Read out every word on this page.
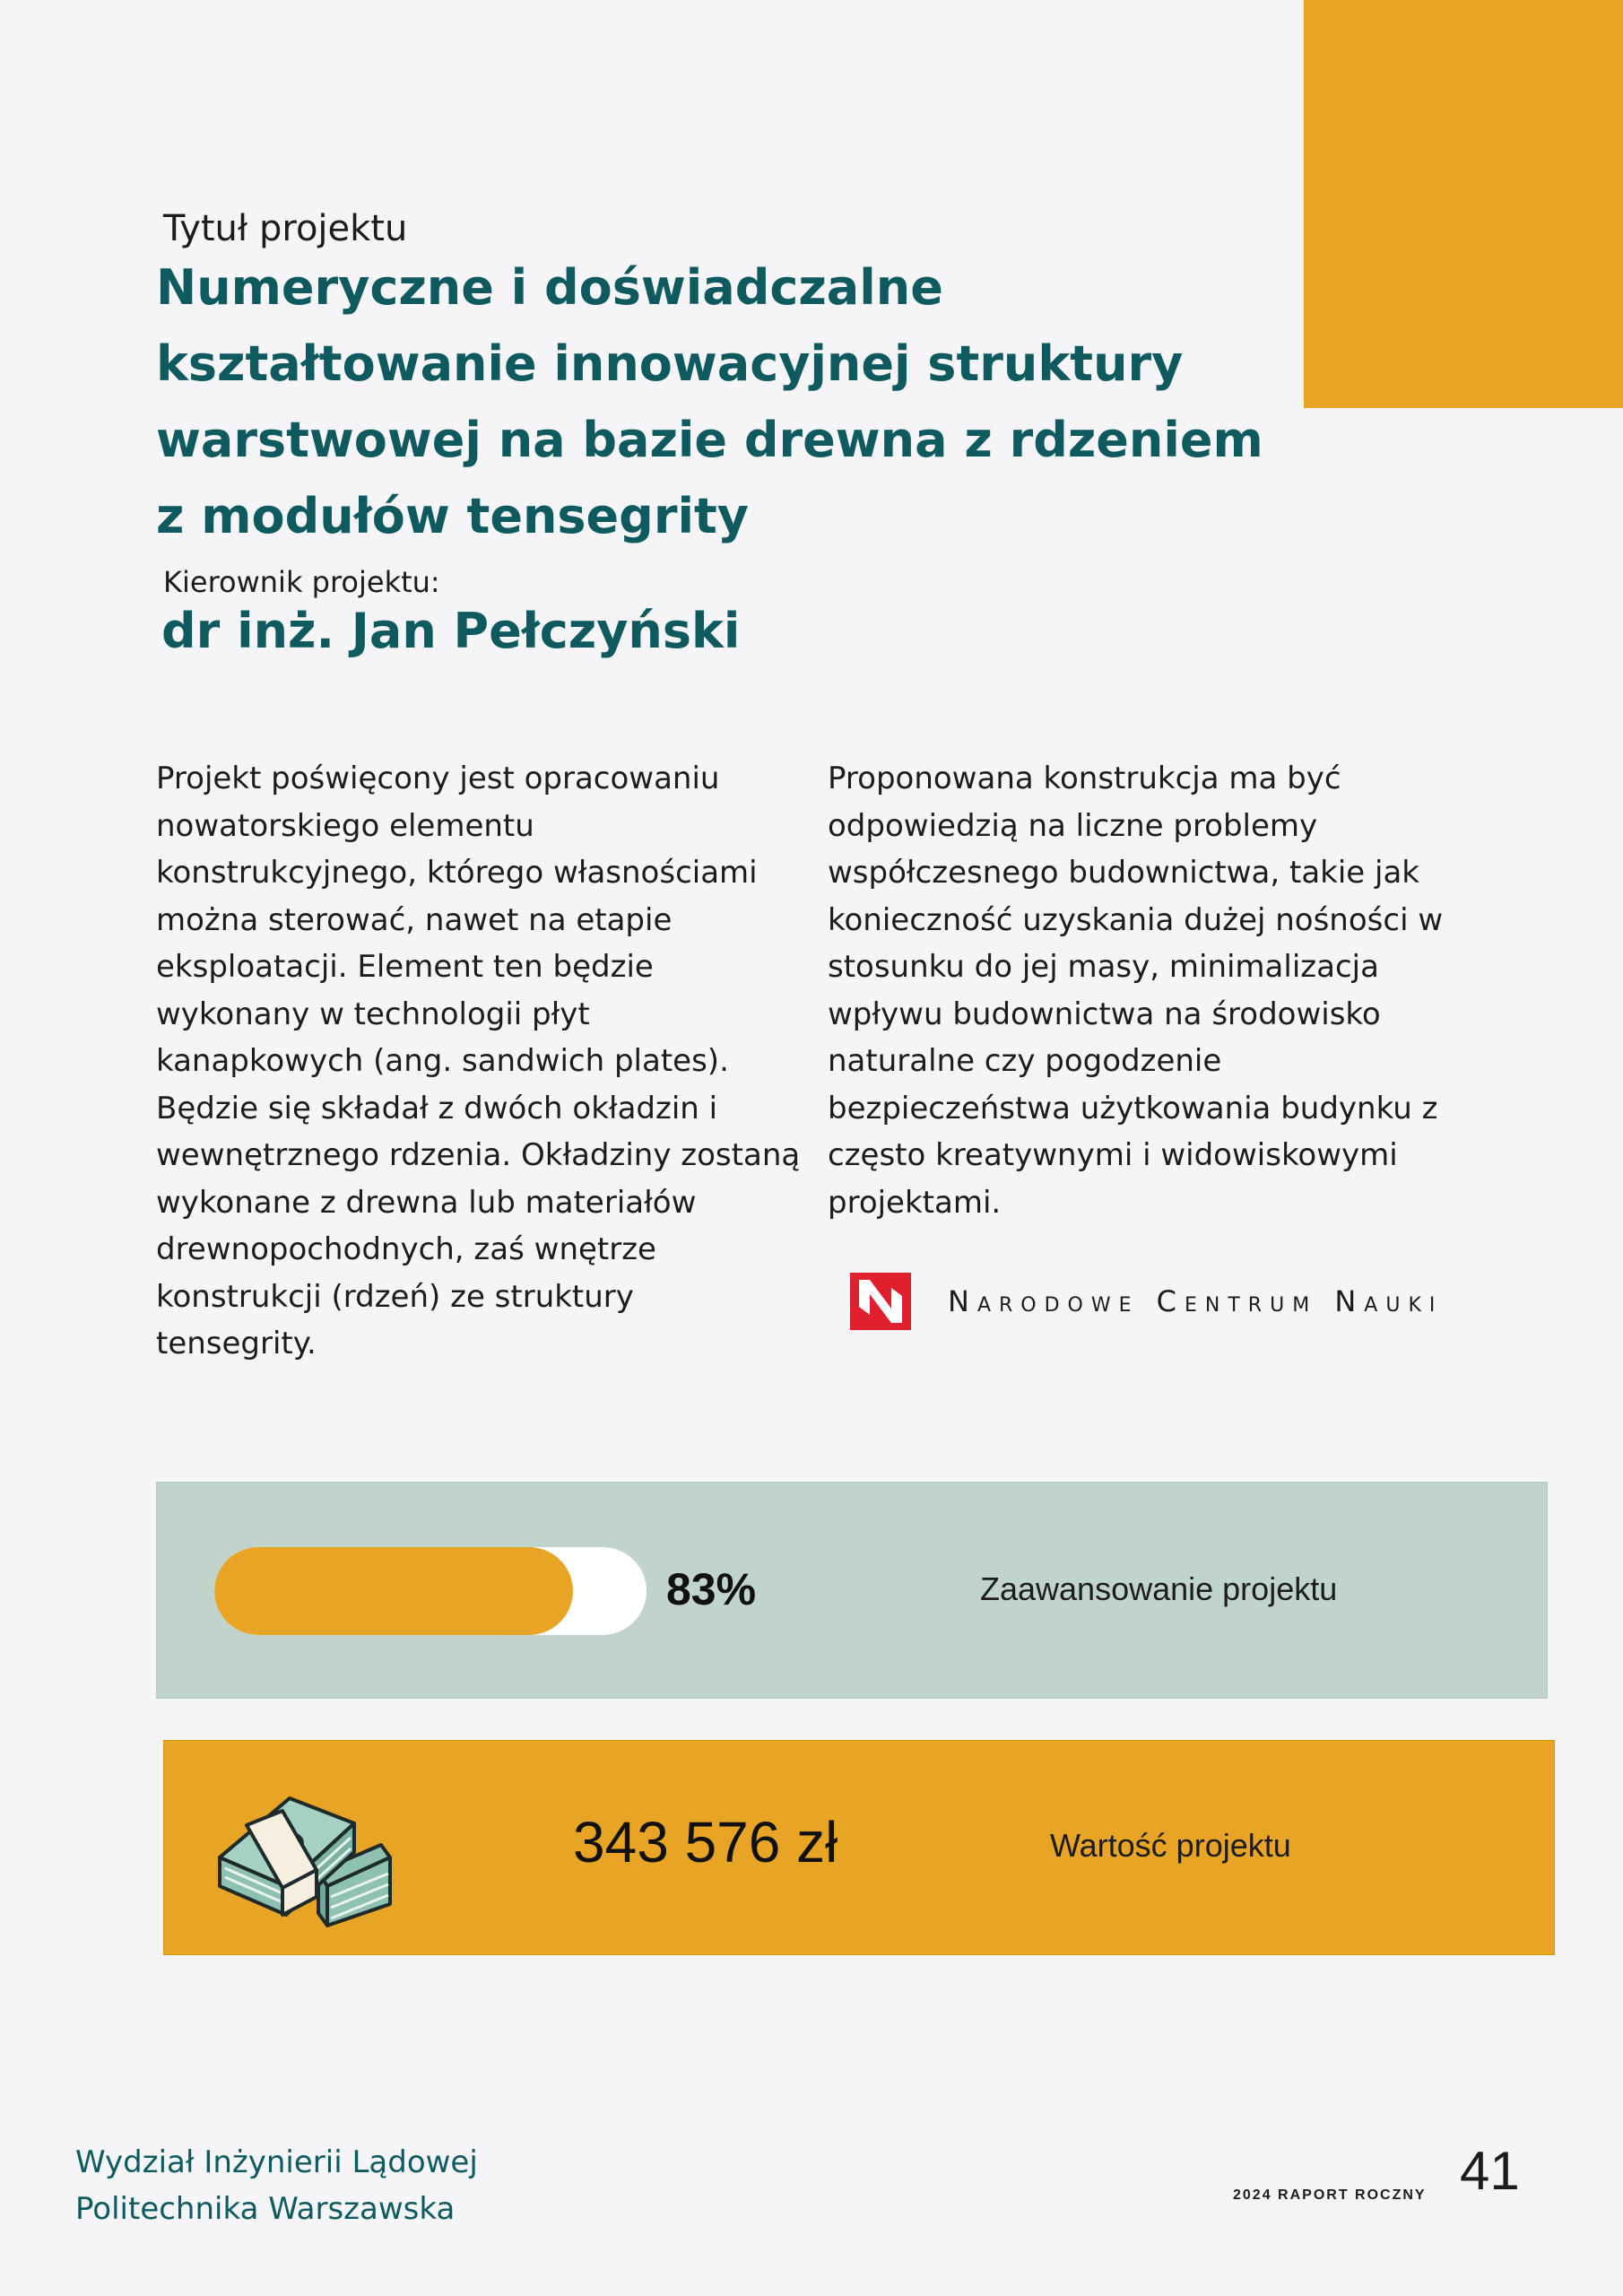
Tytuł projektu
Numeryczne i doświadczalne kształtowanie innowacyjnej struktury warstwowej na bazie drewna z rdzeniem z modułów tensegrity
Kierownik projektu:
dr inż. Jan Pełczyński

Projekt poświęcony jest opracowaniu nowatorskiego elementu konstrukcyjnego, którego własnościami można sterować, nawet na etapie eksploatacji. Element ten będzie wykonany w technologii płyt kanapkowych (ang. sandwich plates). Będzie się składał z dwóch okładzin i wewnętrznego rdzenia. Okładziny zostaną wykonane z drewna lub materiałów drewnopochodnych, zaś wnętrze konstrukcji (rdzeń) ze struktury tensegrity.

Proponowana konstrukcja ma być odpowiedzią na liczne problemy współczesnego budownictwa, takie jak konieczność uzyskania dużej nośności w stosunku do jej masy, minimalizacja wpływu budownictwa na środowisko naturalne czy pogodzenie bezpieczeństwa użytkowania budynku z często kreatywnymi i widowiskowymi projektami.

Narodowe Centrum Nauki
83%	Zaawansowanie projektu
343 576 zł	Wartość projektu
Wydział Inżynierii Lądowej
Politechnika Warszawska	2024 RAPORT ROCZNY 41
